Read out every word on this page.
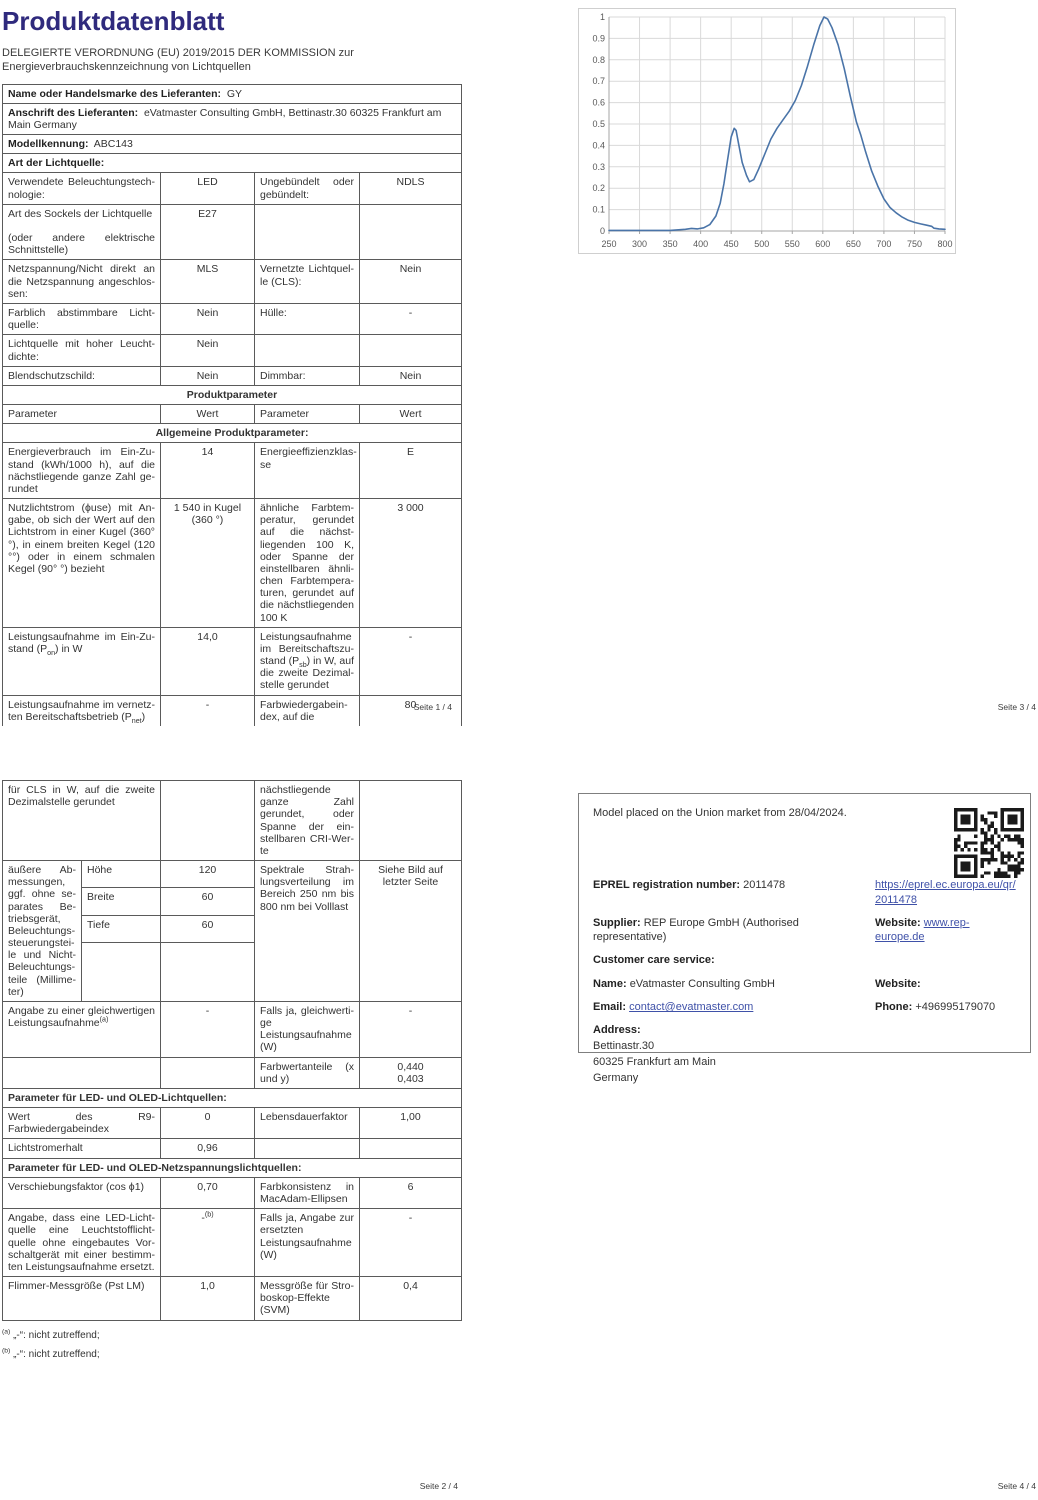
Produktdatenblatt
DELEGIERTE VERORDNUNG (EU) 2019/2015 DER KOMMISSION zur Energieverbrauchskennzeichnung von Lichtquellen
Name oder Handelsmarke des Lieferanten:  GY			
Anschrift des Lieferanten:  eVatmaster Consulting GmbH, Bettinastr.30 60325 Frankfurt am Main Germany			
Modellkennung:  ABC143			
Art der Lichtquelle:			
Verwendete Beleuchtungstechnologie:	LED	Ungebündelt oder gebündelt:	NDLS
Art des Sockels der Lichtquelle

(oder andere elektrische Schnittstelle)	E27		
Netzspannung/Nicht direkt an die Netzspannung angeschlossen:	MLS	Vernetzte Lichtquelle (CLS):	Nein
Farblich abstimmbare Lichtquelle:	Nein	Hülle:	-
Lichtquelle mit hoher Leuchtdichte:	Nein		
Blendschutzschild:	Nein	Dimmbar:	Nein
Produktparameter			
Parameter	Wert	Parameter	Wert
Allgemeine Produktparameter:			
Energieverbrauch im Ein-Zustand (kWh/1000 h), auf die nächstliegende ganze Zahl gerundet	14	Energieeffizienzklasse	E
Nutzlichtstrom (ϕuse) mit Angabe, ob sich der Wert auf den Lichtstrom in einer Kugel (360° °), in einem breiten Kegel (120 °°) oder in einem schmalen Kegel (90° °) bezieht	1 540 in Kugel (360 °)	ähnliche Farbtemperatur, gerundet auf die nächstliegenden 100 K, oder Spanne der einstellbaren ähnlichen Farbtemperaturen, gerundet auf die nächstliegenden 100 K	3 000
Leistungsaufnahme im Ein-Zustand $(P_{on})$ in W	14,0	Leistungsaufnahme im Bereitschaftszustand $(P_{sb})$ in W, auf die zweite Dezimalstelle gerundet	-
Leistungsaufnahme im vernetzten Bereitschaftsbetrieb $(P_{net})$	-	Farbwiedergabeindex, auf die	80
250 300 350 400 450 500 550 600 650 700 750 800
0
0.1
0.2
0.3
0.4
0.5
0.6
0.7
0.8
0.9
1
für CLS in W, auf die zweite Dezimalstelle gerundet			nächstliegende ganze Zahl gerundet, oder Spanne der einstellbaren CRI-Werte	
äußere Abmessungen, ggf. ohne separates Betriebsgerät, Beleuchtungssteuerungsteile und Nicht-Beleuchtungsteile (Millimeter)	Höhe	120	Spektrale Strahlungsverteilung im Bereich 250 nm bis 800 nm bei Volllast	Siehe Bild auf
letzter Seite
	Breite	60		
	Tiefe	60		

Angabe zu einer gleichwertigen Leistungsaufnahme$^{(a)}$		-	Falls ja, gleichwertige Leistungsaufnahme (W)	-
			Farbwertanteile (x und y)	0,440
0,403
Parameter für LED- und OLED-Lichtquellen:				
Wert des R9-Farbwiedergabeindex		0	Lebensdauerfaktor	1,00
Lichtstromerhalt		0,96		
Parameter für LED- und OLED-Netzspannungslichtquellen:				
Verschiebungsfaktor (cos ϕ1)		0,70	Farbkonsistenz in MacAdam-Ellipsen	6
Angabe, dass eine LED-Lichtquelle eine Leuchtstofflichtquelle ohne eingebautes Vorschaltgerät mit einer bestimmten Leistungsaufnahme ersetzt.		-$^{(b)}$	Falls ja, Angabe zur ersetzten Leistungsaufnahme (W)	-
Flimmer-Messgröße (Pst LM)		1,0	Messgröße für Stroboskop-Effekte (SVM)	0,4
$^{(a)}$ „-“: nicht zutreffend;
$^{(b)}$ „-“: nicht zutreffend;
Model placed on the Union market from 28/04/2024.
EPREL registration number: 2011478	https://eprel.ec.europa.eu/qr/2011478
Supplier: REP Europe GmbH (Authorised representative)
Website: www.rep-europe.de
Customer care service:
Name: eVatmaster Consulting GmbH	Website:
Email: contact@evatmaster.com	Phone: +496995179070
Address:
Bettinastr.30
60325 Frankfurt am Main
Germany
Seite 1 / 4	Seite 3 / 4
Seite 2 / 4	Seite 4 / 4
